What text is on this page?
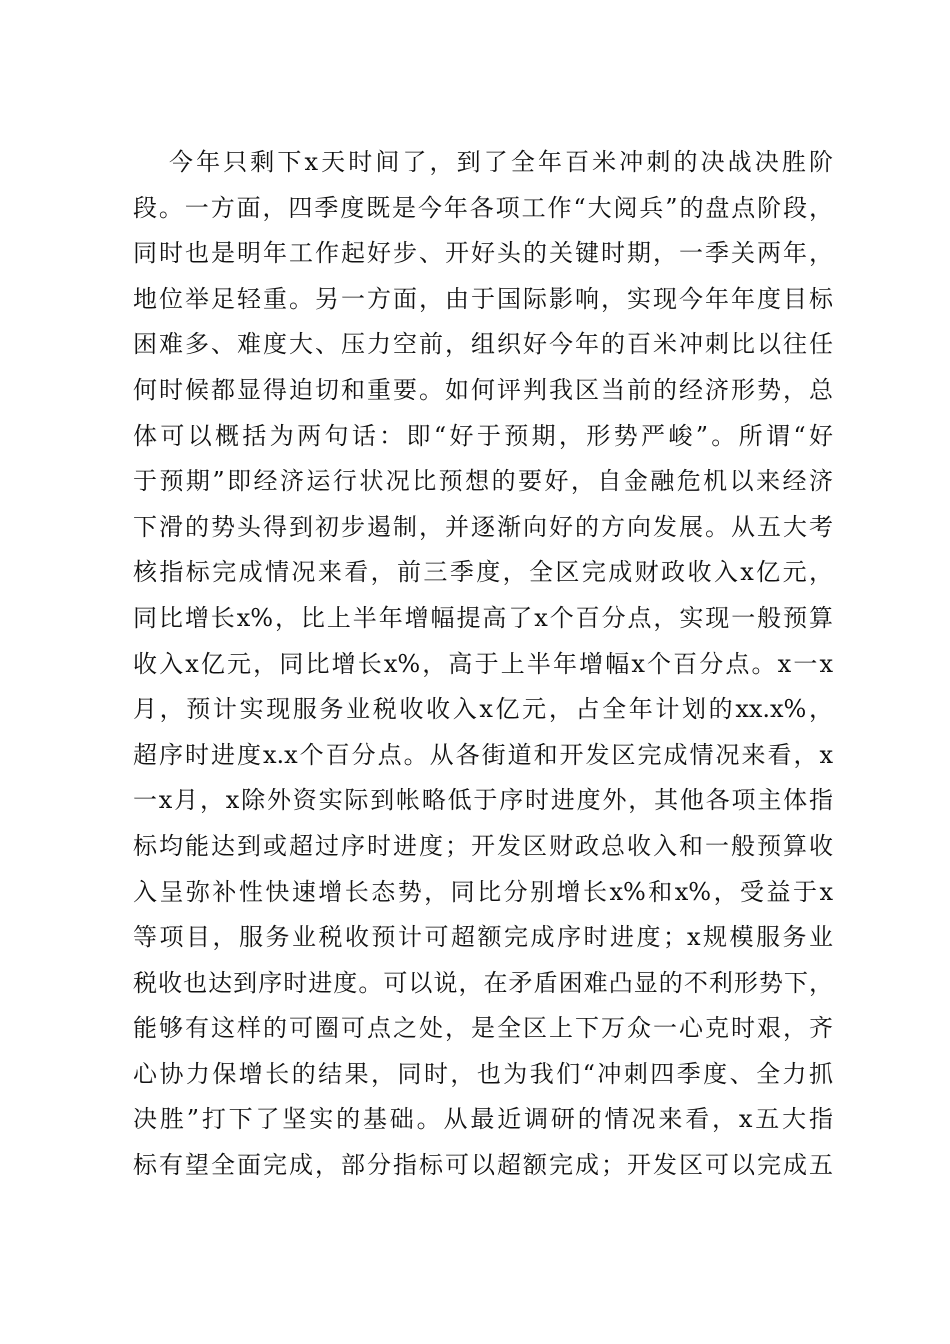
今年只剩下x天时间了，到了全年百米冲刺的决战决胜阶
段。一方面，四季度既是今年各项工作“大阅兵”的盘点阶段，
同时也是明年工作起好步、开好头的关键时期，一季关两年，
地位举足轻重。另一方面，由于国际影响，实现今年年度目标
困难多、难度大、压力空前，组织好今年的百米冲刺比以往任
何时候都显得迫切和重要。如何评判我区当前的经济形势，总
体可以概括为两句话：即“好于预期，形势严峻”。所谓“好
于预期”即经济运行状况比预想的要好，自金融危机以来经济
下滑的势头得到初步遏制，并逐渐向好的方向发展。从五大考
核指标完成情况来看，前三季度，全区完成财政收入x亿元，
同比增长x%，比上半年增幅提高了x个百分点，实现一般预算
收入x亿元，同比增长x%，高于上半年增幅x个百分点。x一x
月，预计实现服务业税收收入x亿元，占全年计划的xx.x%，
超序时进度x.x个百分点。从各街道和开发区完成情况来看，x
一x月，x除外资实际到帐略低于序时进度外，其他各项主体指
标均能达到或超过序时进度；开发区财政总收入和一般预算收
入呈弥补性快速增长态势，同比分别增长x%和x%，受益于x
等项目，服务业税收预计可超额完成序时进度；x规模服务业
税收也达到序时进度。可以说，在矛盾困难凸显的不利形势下，
能够有这样的可圈可点之处，是全区上下万众一心克时艰，齐
心协力保增长的结果，同时，也为我们“冲刺四季度、全力抓
决胜”打下了坚实的基础。从最近调研的情况来看，x五大指
标有望全面完成，部分指标可以超额完成；开发区可以完成五
